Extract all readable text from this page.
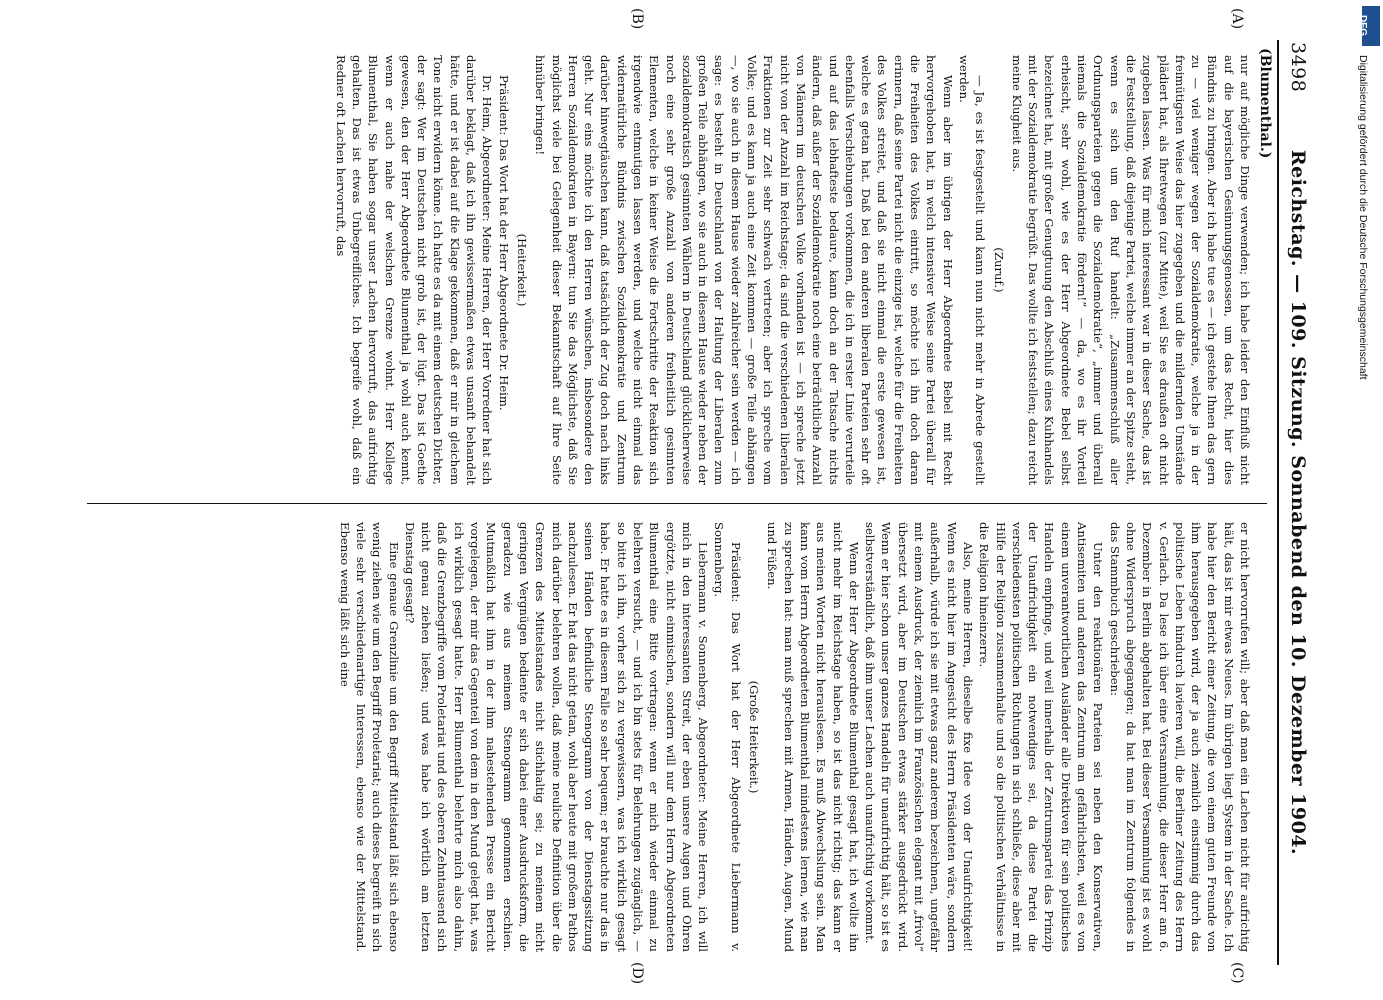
3498
Reichstag. — 109. Sitzung. Sonnabend den 10. Dezember 1904.
(Blumenthal.)
(A)
(B)
(C)
(D)

nur auf mögliche Dinge verwenden; ich habe leider den Einfluß nicht auf die bayerischen Gesinnungsgenossen, um das Recht, hier dies Bündnis zu bringen. Aber ich habe tue es — ich gestehe Ihnen das gern zu — viel weniger wegen der Sozialdemokratie, welche ja in der freimütigsten Weise das hier zugegeben und die mildernden Umstände plädiert hat, als Ihretwegen (zur Mitte), weil Sie es draußen oft nicht zugeben lassen. Was für mich interessant war in dieser Sache, das ist die Feststellung, daß diejenige Partei, welche immer an der Spitze steht, wenn es sich um den Ruf handelt: „Zusammenschluß aller Ordnungsparteien gegen die Sozialdemokratie“, „immer und überall niemals die Sozialdemokratie fördern!“ — da, wo es ihr Vorteil erheischt, sehr wohl, wie es der Herr Abgeordnete Bebel selbst bezeichnet hat, mit großer Genugtuung den Abschluß eines Kuhhandels mit der Sozialdemokratie begrüßt. Das wollte ich feststellen; dazu reicht meine Klugheit aus.

(Zuruf.)

— Ja, es ist festgestellt und kann nun nicht mehr in Abrede gestellt werden.

Wenn aber im übrigen der Herr Abgeordnete Bebel mit Recht hervorgehoben hat, in welch intensiver Weise seine Partei überall für die Freiheiten des Volkes eintritt, so möchte ich ihn doch daran erinnern, daß seine Partei nicht die einzige ist, welche für die Freiheiten des Volkes streitet, und daß sie nicht einmal die erste gewesen ist, welche es getan hat. Daß bei den anderen liberalen Parteien sehr oft ebenfalls Verschiebungen vorkommen, die ich in erster Linie verurteile und auf das lebhafteste bedaure, kann doch an der Tatsache nichts ändern, daß außer der Sozialdemokratie noch eine beträchtliche Anzahl von Männern im deutschen Volke vorhanden ist — ich spreche jetzt nicht von der Anzahl im Reichstage; da sind die verschiedenen liberalen Fraktionen zur Zeit sehr schwach vertreten; aber ich spreche vom Volke; und es kann ja auch eine Zeit kommen — große Teile abhängen —, wo sie auch in diesem Hause wieder zahlreicher sein werden — ich sage: es besteht in Deutschland von der Haltung der Liberalen zum großen Teile abhängen, wo sie auch in diesem Hause wieder neben der sozialdemokratisch gesinnten Wählern in Deutschland glücklicherweise noch eine sehr große Anzahl von anderen freiheitlich gesinnten Elementen, welche in keiner Weise die Fortschritte der Reaktion sich irgendwie entmutigen lassen werden, und welche nicht einmal das widernatürliche Bündnis zwischen Sozialdemokratie und Zentrum darüber hinwegtäuschen kann, daß tatsächlich der Zug doch nach links geht. Nur eins möchte ich den Herren wünschen, insbesondere den Herren Sozialdemokraten in Bayern: tun Sie das Möglichste, daß Sie möglichst viele bei Gelegenheit dieser Bekanntschaft auf Ihre Seite hinüber bringen!

(Heiterkeit.)

Präsident: Das Wort hat der Herr Abgeordnete Dr. Heim.

Dr. Heim, Abgeordneter: Meine Herren, der Herr Vorredner hat sich darüber beklagt, daß ich ihn gewissermaßen etwas unsanft behandelt hätte, und er ist dabei auf die Klage gekommen, daß er mir in gleichem Tone nicht erwidern könne. Ich hatte es da mit einem deutschen Dichter, der sagt: Wer im Deutschen nicht grob ist, der lügt. Das ist Goethe gewesen, den der Herr Abgeordnete Blumenthal ja wohl auch kennt, wenn er auch nahe der welschen Grenze wohnt. Herr Kollege Blumenthal, Sie haben sogar unser Lachen hervorruft, das aufrichtig gehalten. Das ist etwas Unbegreifliches. Ich begreife wohl, daß ein Redner oft Lachen hervorruft, das

er nicht hervorrufen will; aber daß man ein Lachen nicht für aufrichtig hält, das ist mir etwas Neues. Im übrigen liegt System in der Sache. Ich habe hier den Bericht einer Zeitung, die von einem guten Freunde von ihm herausgegeben wird, der ja auch ziemlich einstimmig durch das politische Leben hindurch lavieren will, die Berliner Zeitung des Herrn v. Gerlach. Da lese ich über eine Versammlung, die dieser Herr am 6. Dezember in Berlin abgehalten hat. Bei dieser Versammlung ist es wohl ohne Widerspruch abgegangen; da hat man im Zentrum folgendes in das Stammbuch geschrieben:

Unter den reaktionären Parteien sei neben den Konservativen, Antisemiten und anderen das Zentrum am gefährlichsten, weil es von einem unverantwortlichen Ausländer alle Direktiven für sein politisches Handeln empfinge, und weil innerhalb der Zentrumspartei das Prinzip der Unaufrichtigkeit ein notwendiges sei, da diese Partei die verschiedensten politischen Richtungen in sich schließe, diese aber mit Hilfe der Religion zusammenhalte und so die politischen Verhältnisse in die Religion hineinzerre.

Also, meine Herren, dieselbe fixe Idee von der Unaufrichtigkeit! Wenn es nicht hier im Angesicht des Herrn Präsidenten wäre, sondern außerhalb, würde ich sie mit etwas ganz anderem bezeichnen, ungefähr mit einem Ausdruck, der ziemlich im Französischen elegant mit „frivol“ übersetzt wird, aber im Deutschen etwas stärker ausgedrückt wird. Wenn er hier schon unser ganzes Handeln für unaufrichtig hält, so ist es selbstverständlich, daß ihm unser Lachen auch unaufrichtig vorkommt.

Wenn der Herr Abgeordnete Blumenthal gesagt hat, ich wollte ihn nicht mehr im Reichstage haben, so ist das nicht richtig; das kann er aus meinen Worten nicht herauslesen. Es muß Abwechslung sein. Man kann vom Herrn Abgeordneten Blumenthal mindestens lernen, wie man zu sprechen hat: man muß sprechen mit Armen, Händen, Augen, Mund und Füßen.

(Große Heiterkeit.)

Präsident: Das Wort hat der Herr Abgeordnete Liebermann v. Sonnenberg.

Liebermann v. Sonnenberg, Abgeordneter: Meine Herren, ich will mich in den interessanten Streit, der eben unsere Augen und Ohren ergötzte, nicht einmischen, sondern will nur dem Herrn Abgeordneten Blumenthal eine Bitte vortragen: wenn er mich wieder einmal zu belehren versucht, — und ich bin stets für Belehrungen zugänglich, — so bitte ich ihn, vorher sich zu vergewissern, was ich wirklich gesagt habe. Er hatte es in diesem Falle so sehr bequem; er brauchte nur das in seinen Händen befindliche Stenogramm von der Dienstagssitzung nachzulesen. Er hat das nicht getan, wohl aber heute mit großem Pathos mich darüber belehren wollen, daß meine neuliche Definition über die Grenzen des Mittelstandes nicht stichhaltig sei; zu meinem nicht geringen Vergnügen bediente er sich dabei einer Ausdrucksform, die geradezu wie aus meinem Stenogramm genommen erschien. Mutmaßlich hat ihm in der ihm nahestehenden Presse ein Bericht vorgelegen, der mir das Gegenteil von dem in den Mund gelegt hat, was ich wirklich gesagt hatte. Herr Blumenthal belehrte mich also dahin, daß die Grenzbegriffe vom Proletariat und des oberen Zehntausend sich nicht genau ziehen ließen; und was habe ich wörtlich am letzten Dienstag gesagt?

Eine genaue Grenzlinie um den Begriff Mittelstand läßt sich ebenso wenig ziehen wie um den Begriff Proletariat; auch dieses begreift in sich viele sehr verschiedenartige Interessen, ebenso wie der Mittelstand. Ebenso wenig läßt sich eine

DFG
Digitalisierung gefördert durch die Deutsche Forschungsgemeinschaft
